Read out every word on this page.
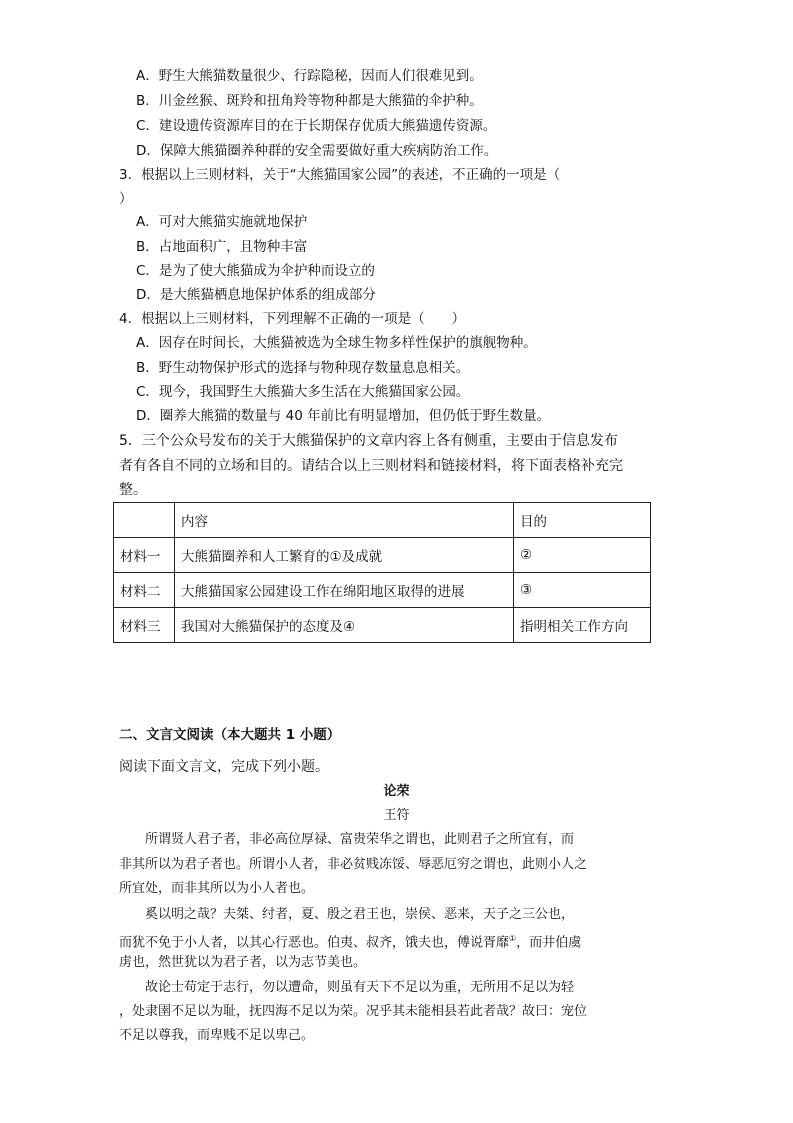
A．野生大熊猫数量很少、行踪隐秘，因而人们很难见到。
B．川金丝猴、斑羚和扭角羚等物种都是大熊猫的伞护种。
C．建设遗传资源库目的在于长期保存优质大熊猫遗传资源。
D．保障大熊猫圈养种群的安全需要做好重大疾病防治工作。
3．根据以上三则材料，关于“大熊猫国家公园”的表述，不正确的一项是（
）
A．可对大熊猫实施就地保护
B．占地面积广，且物种丰富
C．是为了使大熊猫成为伞护种而设立的
D．是大熊猫栖息地保护体系的组成部分
4．根据以上三则材料，下列理解不正确的一项是（　　）
A．因存在时间长，大熊猫被选为全球生物多样性保护的旗舰物种。
B．野生动物保护形式的选择与物种现存数量息息相关。
C．现今，我国野生大熊猫大多生活在大熊猫国家公园。
D．圈养大熊猫的数量与 40 年前比有明显增加，但仍低于野生数量。
5．三个公众号发布的关于大熊猫保护的文章内容上各有侧重，主要由于信息发布
者有各自不同的立场和目的。请结合以上三则材料和链接材料，将下面表格补充完
整。
	内容	目的
材料一	大熊猫圈养和人工繁育的①及成就	②
材料二	大熊猫国家公园建设工作在绵阳地区取得的进展	③
材料三	我国对大熊猫保护的态度及④	指明相关工作方向
二、文言文阅读（本大题共 1 小题）
阅读下面文言文，完成下列小题。
论荣
王符
所谓贤人君子者，非必高位厚禄、富贵荣华之谓也，此则君子之所宜有，而
非其所以为君子者也。所谓小人者，非必贫贱冻馁、辱恶厄穷之谓也，此则小人之
所宜处，而非其所以为小人者也。
奚以明之哉？夫桀、纣者，夏、殷之君王也，崇侯、恶来，天子之三公也，
而犹不免于小人者，以其心行恶也。伯夷、叔齐，饿夫也，傅说胥靡①，而井伯虞
虏也，然世犹以为君子者，以为志节美也。
故论士苟定于志行，勿以遭命，则虽有天下不足以为重，无所用不足以为轻
，处隶圉不足以为耻，抚四海不足以为荣。况乎其未能相县若此者哉？故曰：宠位
不足以尊我，而卑贱不足以卑己。
